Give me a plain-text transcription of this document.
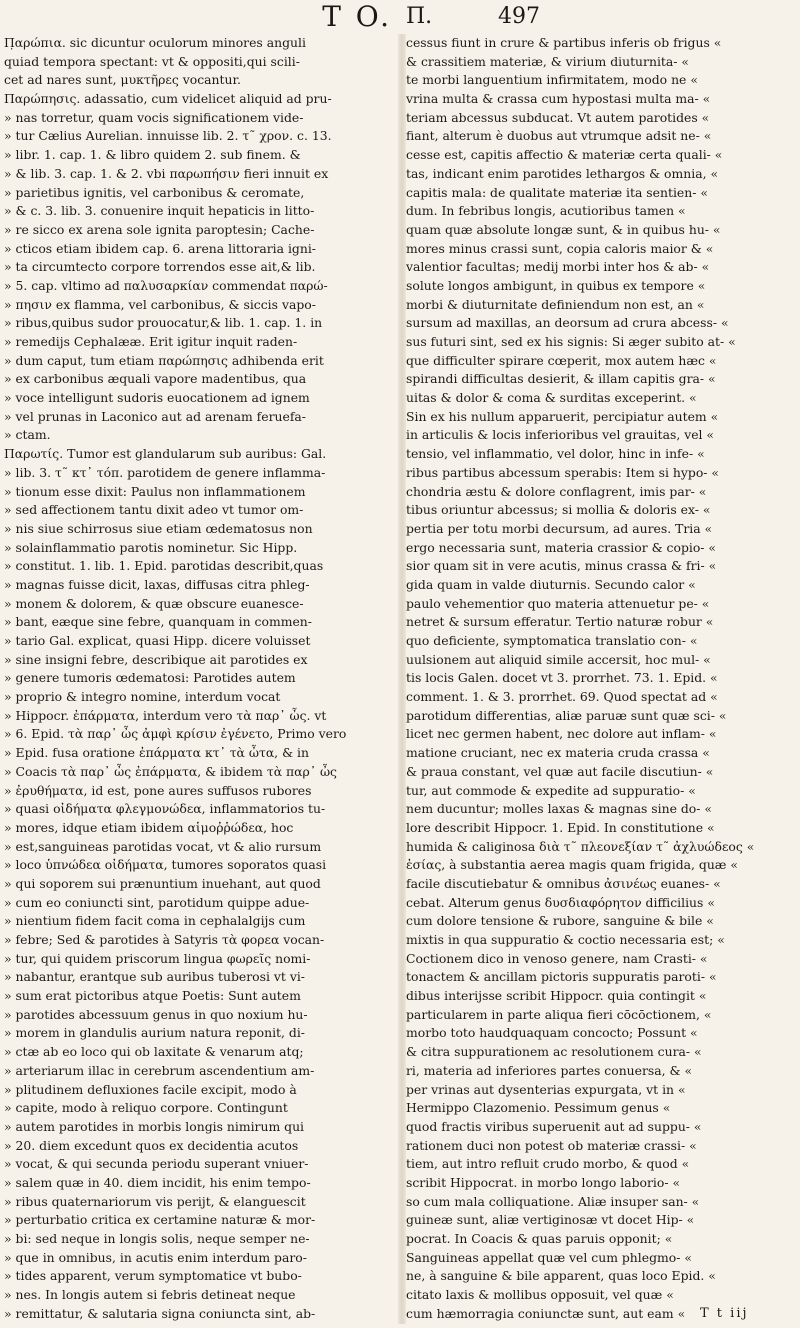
T O. Π.	497
Π̣αρώπια. sic dicuntur oculorum minores anguli
quiad tempora spectant: vt & oppositi,qui scili-
cet ad nares sunt, μυκτῆρες vocantur.
Παρώπησις. adassatio, cum videlicet aliquid ad pru-
» nas torretur, quam vocis significationem vide-
» tur Cælius Aurelian. innuisse lib. 2. τ῀ χρον. c. 13.
» libr. 1. cap. 1. & libro quidem 2. sub finem. &
» & lib. 3. cap. 1. & 2. vbi παρωπήσιν fieri innuit ex
» parietibus ignitis, vel carbonibus & ceromate,
» & c. 3. lib. 3. conuenire inquit hepaticis in litto-
» re sicco ex arena sole ignita paroptesin; Cache-
» cticos etiam ibidem cap. 6. arena littoraria igni-
» ta circumtecto corpore torrendos esse ait,& lib.
» 5. cap. vltimo ad παλυσαρκίαν commendat παρώ-
» πησιν ex flamma, vel carbonibus, & siccis vapo-
» ribus,quibus sudor prouocatur,& lib. 1. cap. 1. in
» remedijs Cephalææ. Erit igitur inquit raden-
» dum caput, tum etiam παρώπησις adhibenda erit
» ex carbonibus æquali vapore madentibus, qua
» voce intelligunt sudoris euocationem ad ignem
» vel prunas in Laconico aut ad arenam feruefa-
» ctam.
Παρωτίς. Tumor est glandularum sub auribus: Gal.
» lib. 3. τ῀ κτ᾽ τόπ. parotidem de genere inflamma-
» tionum esse dixit: Paulus non inflammationem
» sed affectionem tantu dixit adeo vt tumor om-
» nis siue schirrosus siue etiam œdematosus non
» solainflammatio parotis nominetur. Sic Hipp.
» constitut. 1. lib. 1. Epid. parotidas describit,quas
» magnas fuisse dicit, laxas, diffusas citra phleg-
» monem & dolorem, & quæ obscure euanesce-
» bant, eæque sine febre, quanquam in commen-
» tario Gal. explicat, quasi Hipp. dicere voluisset
» sine insigni febre, describique ait parotides ex
» genere tumoris œdematosi: Parotides autem
» proprio & integro nomine, interdum vocat
» Hippocr. ἐπάρματα, interdum vero τὰ παρ᾽ ὦς. vt
» 6. Epid. τὰ παρ᾽ ὦς ἀμφὶ κρίσιν ἐγένετο, Primo vero
» Epid. fusa oratione ἐπάρματα κτ᾽ τὰ ὦτα, & in
» Coacis τὰ παρ᾽ ὦς ἐπάρματα, & ibidem τὰ παρ᾽ ὦς
» ἐρυθήματα, id est, pone aures suffusos rubores
» quasi οἰδήματα φλεγμονώδεα, inflammatorios tu-
» mores, idque etiam ibidem αἱμοῤῥώδεα, hoc
» est,sanguineas parotidas vocat, vt & alio rursum
» loco ὑπνώδεα οἰδήματα, tumores soporatos quasi
» qui soporem sui prænuntium inuehant, aut quod
» cum eo coniuncti sint, parotidum quippe adue-
» nientium fidem facit coma in cephalalgijs cum
» febre; Sed & parotides à Satyris τὰ φορεα vocan-
» tur, qui quidem priscorum lingua φωρεῖς nomi-
» nabantur, erantque sub auribus tuberosi vt vi-
» sum erat pictoribus atque Poetis: Sunt autem
» parotides abcessuum genus in quo noxium hu-
» morem in glandulis aurium natura reponit, di-
» ctæ ab eo loco qui ob laxitate & venarum atq;
» arteriarum illac in cerebrum ascendentium am-
» plitudinem defluxiones facile excipit, modo à
» capite, modo à reliquo corpore. Contingunt
» autem parotides in morbis longis nimirum qui
» 20. diem excedunt quos ex decidentia acutos
» vocat, & qui secunda periodu superant vniuer-
» salem quæ in 40. diem incidit, his enim tempo-
» ribus quaternariorum vis perijt, & elanguescit
» perturbatio critica ex certamine naturæ & mor-
» bi: sed neque in longis solis, neque semper ne-
» que in omnibus, in acutis enim interdum paro-
» tides apparent, verum symptomatice vt bubo-
» nes. In longis autem si febris detineat neque
» remittatur, & salutaria signa coniuncta sint, ab-
cessus fiunt in crure & partibus inferis ob frigus «
& crassitiem materiæ, & virium diuturnita- «
te morbi languentium infirmitatem, modo ne «
vrina multa & crassa cum hypostasi multa ma- «
teriam abcessus subducat. Vt autem parotides «
fiant, alterum è duobus aut vtrumque adsit ne- «
cesse est, capitis affectio & materiæ certa quali- «
tas, indicant enim parotides lethargos & omnia, «
capitis mala: de qualitate materiæ ita sentien- «
dum. In febribus longis, acutioribus tamen «
quam quæ absolute longæ sunt, & in quibus hu- «
mores minus crassi sunt, copia caloris maior & «
valentior facultas; medij morbi inter hos & ab- «
solute longos ambigunt, in quibus ex tempore «
morbi & diuturnitate definiendum non est, an «
sursum ad maxillas, an deorsum ad crura abcess- «
sus futuri sint, sed ex his signis: Si æger subito at- «
que difficulter spirare cœperit, mox autem hæc «
spirandi difficultas desierit, & illam capitis gra- «
uitas & dolor & coma & surditas exceperint. «
Sin ex his nullum apparuerit, percipiatur autem «
in articulis & locis inferioribus vel grauitas, vel «
tensio, vel inflammatio, vel dolor, hinc in infe- «
ribus partibus abcessum sperabis: Item si hypo- «
chondria æstu & dolore conflagrent, imis par- «
tibus oriuntur abcessus; si mollia & doloris ex- «
pertia per totu morbi decursum, ad aures. Tria «
ergo necessaria sunt, materia crassior & copio- «
sior quam sit in vere acutis, minus crassa & fri- «
gida quam in valde diuturnis. Secundo calor «
paulo vehementior quo materia attenuetur pe- «
netret & sursum efferatur. Tertio naturæ robur «
quo deficiente, symptomatica translatio con- «
uulsionem aut aliquid simile accersit, hoc mul- «
tis locis Galen. docet vt 3. prorrhet. 73. 1. Epid. «
comment. 1. & 3. prorrhet. 69. Quod spectat ad «
parotidum differentias, aliæ paruæ sunt quæ sci- «
licet nec germen habent, nec dolore aut inflam- «
matione cruciant, nec ex materia cruda crassa «
& praua constant, vel quæ aut facile discutiun- «
tur, aut commode & expedite ad suppuratio- «
nem ducuntur; molles laxas & magnas sine do- «
lore describit Hippocr. 1. Epid. In constitutione «
humida & caliginosa διὰ τ῀ πλεονεξίαν τ῀ ἀχλυώδεος «
ἐσίας, à substantia aerea magis quam frigida, quæ «
facile discutiebatur & omnibus ἀσινέως euanes- «
cebat. Alterum genus δυσδιαφόρητον difficilius «
cum dolore tensione & rubore, sanguine & bile «
mixtis in qua suppuratio & coctio necessaria est; «
Coctionem dico in venoso genere, nam Crasti- «
tonactem & ancillam pictoris suppuratis paroti- «
dibus interijsse scribit Hippocr. quia contingit «
particularem in parte aliqua fieri cōcōctionem, «
morbo toto haudquaquam concocto; Possunt «
& citra suppurationem ac resolutionem cura- «
ri, materia ad inferiores partes conuersa, & «
per vrinas aut dysenterias expurgata, vt in «
Hermippo Clazomenio. Pessimum genus «
quod fractis viribus superuenit aut ad suppu- «
rationem duci non potest ob materiæ crassi- «
tiem, aut intro refluit crudo morbo, & quod «
scribit Hippocrat. in morbo longo laborio- «
so cum mala colliquatione. Aliæ insuper san- «
guineæ sunt, aliæ vertiginosæ vt docet Hip- «
pocrat. In Coacis & quas paruis opponit; «
Sanguineas appellat quæ vel cum phlegmo- «
ne, à sanguine & bile apparent, quas loco Epid. «
citato laxis & mollibus opposuit, vel quæ «
cum hæmorragia coniunctæ sunt, aut eam «	T t iij
